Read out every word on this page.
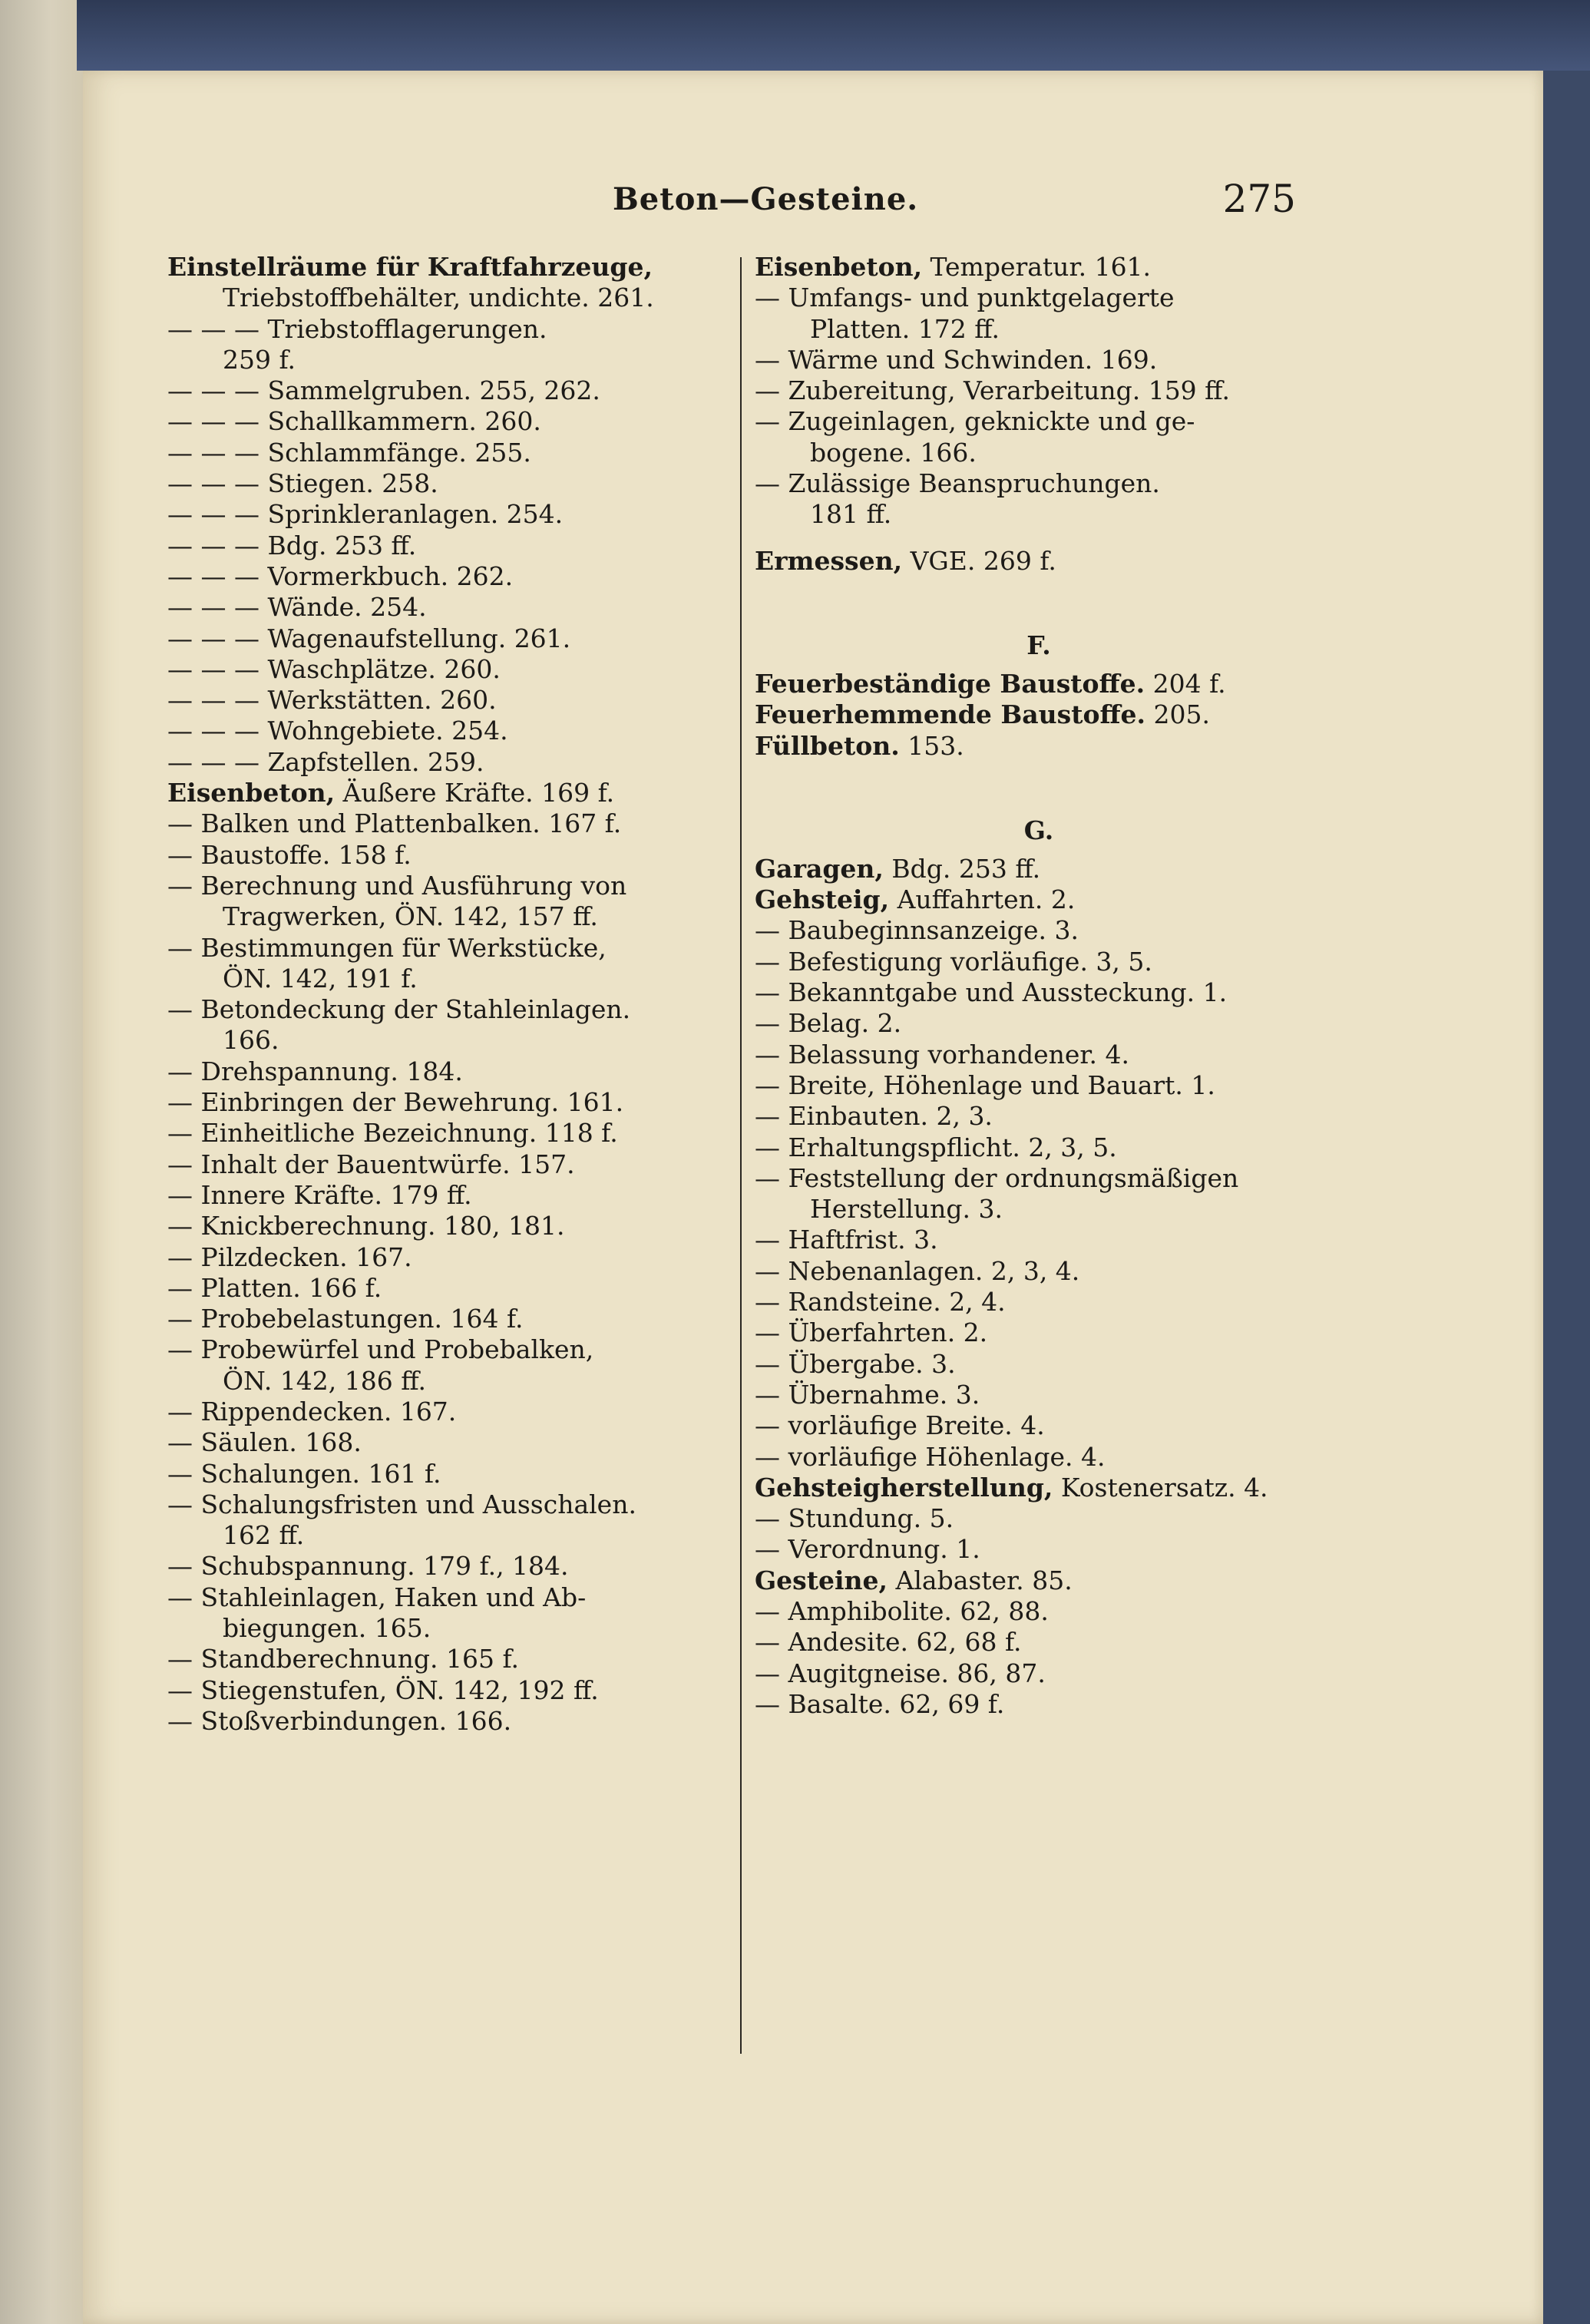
Beton—Gesteine.	275
Einstellräume für Kraftfahrzeuge,
Triebstoffbehälter, undichte. 261.
— — — Triebstofflagerungen.
259 f.
— — — Sammelgruben. 255, 262.
— — — Schallkammern. 260.
— — — Schlammfänge. 255.
— — — Stiegen. 258.
— — — Sprinkleranlagen. 254.
— — — Bdg. 253 ff.
— — — Vormerkbuch. 262.
— — — Wände. 254.
— — — Wagenaufstellung. 261.
— — — Waschplätze. 260.
— — — Werkstätten. 260.
— — — Wohngebiete. 254.
— — — Zapfstellen. 259.
Eisenbeton, Äußere Kräfte. 169 f.
— Balken und Plattenbalken. 167 f.
— Baustoffe. 158 f.
— Berechnung und Ausführung von
Tragwerken, ÖN. 142, 157 ff.
— Bestimmungen für Werkstücke,
ÖN. 142, 191 f.
— Betondeckung der Stahleinlagen.
166.
— Drehspannung. 184.
— Einbringen der Bewehrung. 161.
— Einheitliche Bezeichnung. 118 f.
— Inhalt der Bauentwürfe. 157.
— Innere Kräfte. 179 ff.
— Knickberechnung. 180, 181.
— Pilzdecken. 167.
— Platten. 166 f.
— Probebelastungen. 164 f.
— Probewürfel und Probebalken,
ÖN. 142, 186 ff.
— Rippendecken. 167.
— Säulen. 168.
— Schalungen. 161 f.
— Schalungsfristen und Ausschalen.
162 ff.
— Schubspannung. 179 f., 184.
— Stahleinlagen, Haken und Ab-
biegungen. 165.
— Standberechnung. 165 f.
— Stiegenstufen, ÖN. 142, 192 ff.
— Stoßverbindungen. 166.
Eisenbeton, Temperatur. 161.
— Umfangs- und punktgelagerte
Platten. 172 ff.
— Wärme und Schwinden. 169.
— Zubereitung, Verarbeitung. 159 ff.
— Zugeinlagen, geknickte und ge-
bogene. 166.
— Zulässige Beanspruchungen.
181 ff.
Ermessen, VGE. 269 f.
F.
Feuerbeständige Baustoffe. 204 f.
Feuerhemmende Baustoffe. 205.
Füllbeton. 153.
G.
Garagen, Bdg. 253 ff.
Gehsteig, Auffahrten. 2.
— Baubeginnsanzeige. 3.
— Befestigung vorläufige. 3, 5.
— Bekanntgabe und Aussteckung. 1.
— Belag. 2.
— Belassung vorhandener. 4.
— Breite, Höhenlage und Bauart. 1.
— Einbauten. 2, 3.
— Erhaltungspflicht. 2, 3, 5.
— Feststellung der ordnungsmäßigen
Herstellung. 3.
— Haftfrist. 3.
— Nebenanlagen. 2, 3, 4.
— Randsteine. 2, 4.
— Überfahrten. 2.
— Übergabe. 3.
— Übernahme. 3.
— vorläufige Breite. 4.
— vorläufige Höhenlage. 4.
Gehsteigherstellung, Kostenersatz. 4.
— Stundung. 5.
— Verordnung. 1.
Gesteine, Alabaster. 85.
— Amphibolite. 62, 88.
— Andesite. 62, 68 f.
— Augitgneise. 86, 87.
— Basalte. 62, 69 f.
